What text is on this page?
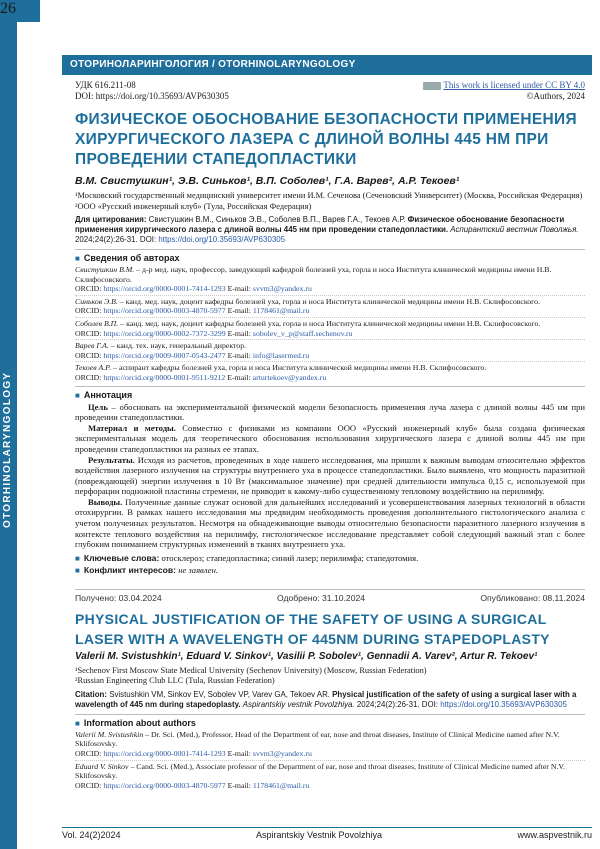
OTORHINOLARYNGOLOGY
26
ОТОРИНОЛАРИНГОЛОГИЯ / OTORHINOLARYNGOLOGY
УДК 616.211-08
DOI: https://doi.org/10.35693/AVP630305
This work is licensed under CC BY 4.0
©Authors, 2024
ФИЗИЧЕСКОЕ ОБОСНОВАНИЕ БЕЗОПАСНОСТИ ПРИМЕНЕНИЯ ХИРУРГИЧЕСКОГО ЛАЗЕРА С ДЛИНОЙ ВОЛНЫ 445 НМ ПРИ ПРОВЕДЕНИИ СТАПЕДОПЛАСТИКИ
В.М. Свистушкин¹, Э.В. Синьков¹, В.П. Соболев¹, Г.А. Варев², А.Р. Текоев¹
¹Московский государственный медицинский университет имени И.М. Сеченова (Сеченовский Университет) (Москва, Российская Федерация)
²ООО «Русский инженерный клуб» (Тула, Российская Федерация)
Для цитирования: Свистушкин В.М., Синьков Э.В., Соболев В.П., Варев Г.А., Текоев А.Р. Физическое обоснование безопасности применения хирургического лазера с длиной волны 445 нм при проведении стапедопластики. Аспирантский вестник Поволжья. 2024;24(2):26-31. DOI: https://doi.org/10.35693/AVP630305
■ Сведения об авторах
Свистушкин В.М. – д-р мед. наук, профессор, заведующий кафедрой болезней уха, горла и носа Института клинической медицины имени Н.В. Склифосовского.
ORCID: https://orcid.org/0000-0001-7414-1293 E-mail: svvm3@yandex.ru
Синьков Э.В. – канд. мед. наук, доцент кафедры болезней уха, горла и носа Института клинической медицины имени Н.В. Склифосовского.
ORCID: https://orcid.org/0000-0003-4870-5977 E-mail: 1178461@mail.ru
Соболев В.П. – канд. мед. наук, доцент кафедры болезней уха, горла и носа Института клинической медицины имени Н.В. Склифосовского.
ORCID: https://orcid.org/0000-0002-7372-3299 E-mail: sobolev_v_p@staff.sechenov.ru
Варев Г.А. – канд. тех. наук, генеральный директор.
ORCID: https://orcid.org/0009-0007-0543-2477 E-mail: info@lasermed.ru
Текоев А.Р. – аспирант кафедры болезней уха, горла и носа Института клинической медицины имени Н.В. Склифосовского.
ORCID: https://orcid.org/0000-0001-9511-9212 E-mail: arturtekoev@yandex.ru
■ Аннотация

Цель – обосновать на экспериментальной физической модели безопасность применения луча лазера с длиной волны 445 нм при проведении стапедопластики.

Материал и методы. Совместно с физиками из компании ООО «Русский инженерный клуб» была создана физическая экспериментальная модель для теоретического обоснования использования хирургического лазера с длиной волны 445 нм при проведении стапедопластики на разных ее этапах.

Результаты. Исходя из расчетов, проведенных в ходе нашего исследования, мы пришли к важным выводам относительно эффектов воздействия лазерного излучения на структуры внутреннего уха в процессе стапедопластики. Было выявлено, что мощность паразитной (повреждающей) энергии излучения в 10 Вт (максимальное значение) при средней длительности импульса 0,15 с, используемой при перфорации подножной пластины стремени, не приводит к какому-либо существенному тепловому воздействию на перилимфу.

Выводы. Полученные данные служат основой для дальнейших исследований и усовершенствования лазерных технологий в области отохирургии. В рамках нашего исследования мы предвидим необходимость проведения дополнительного гистологического анализа с учетом полученных результатов. Несмотря на обнадеживающие выводы относительно безопасности паразитного лазерного излучения в контексте теплового воздействия на перилимфу, гистологическое исследование представляет собой следующий важный этап с более глубоким пониманием структурных изменений в тканях внутреннего уха.

■ Ключевые слова: отосклероз; стапедопластика; синий лазер; перилимфа; стапедотомия.
■ Конфликт интересов: не заявлен.
Получено: 03.04.2024	Одобрено: 31.10.2024	Опубликовано: 08.11.2024
PHYSICAL JUSTIFICATION OF THE SAFETY OF USING A SURGICAL LASER WITH A WAVELENGTH OF 445NM DURING STAPEDOPLASTY
Valerii M. Svistushkin¹, Eduard V. Sinkov¹, Vasilii P. Sobolev¹, Gennadii A. Varev², Artur R. Tekoev¹
¹Sechenov First Moscow State Medical University (Sechenov University) (Moscow, Russian Federation)
²Russian Engineering Club LLC (Tula, Russian Federation)
Citation: Svistushkin VM, Sinkov EV, Sobolev VP, Varev GA, Tekoev AR. Physical justification of the safety of using a surgical laser with a wavelength of 445 nm during stapedoplasty. Aspirantskiy vestnik Povolzhiya. 2024;24(2):26-31. DOI: https://doi.org/10.35693/AVP630305
■ Information about authors
Valerii M. Svistushkin – Dr. Sci. (Med.), Professor, Head of the Department of ear, nose and throat diseases, Institute of Clinical Medicine named after N.V. Sklifosovsky.
ORCID: https://orcid.org/0000-0001-7414-1293 E-mail: svvm3@yandex.ru
Eduard V. Sinkov – Cand. Sci. (Med.), Associate professor of the Department of ear, nose and throat diseases, Institute of Clinical Medicine named after N.V. Sklifosovsky.
ORCID: https://orcid.org/0000-0003-4870-5977 E-mail: 1178461@mail.ru
Vol. 24(2)2024	Aspirantskiy Vestnik Povolzhiya	www.aspvestnik.ru
